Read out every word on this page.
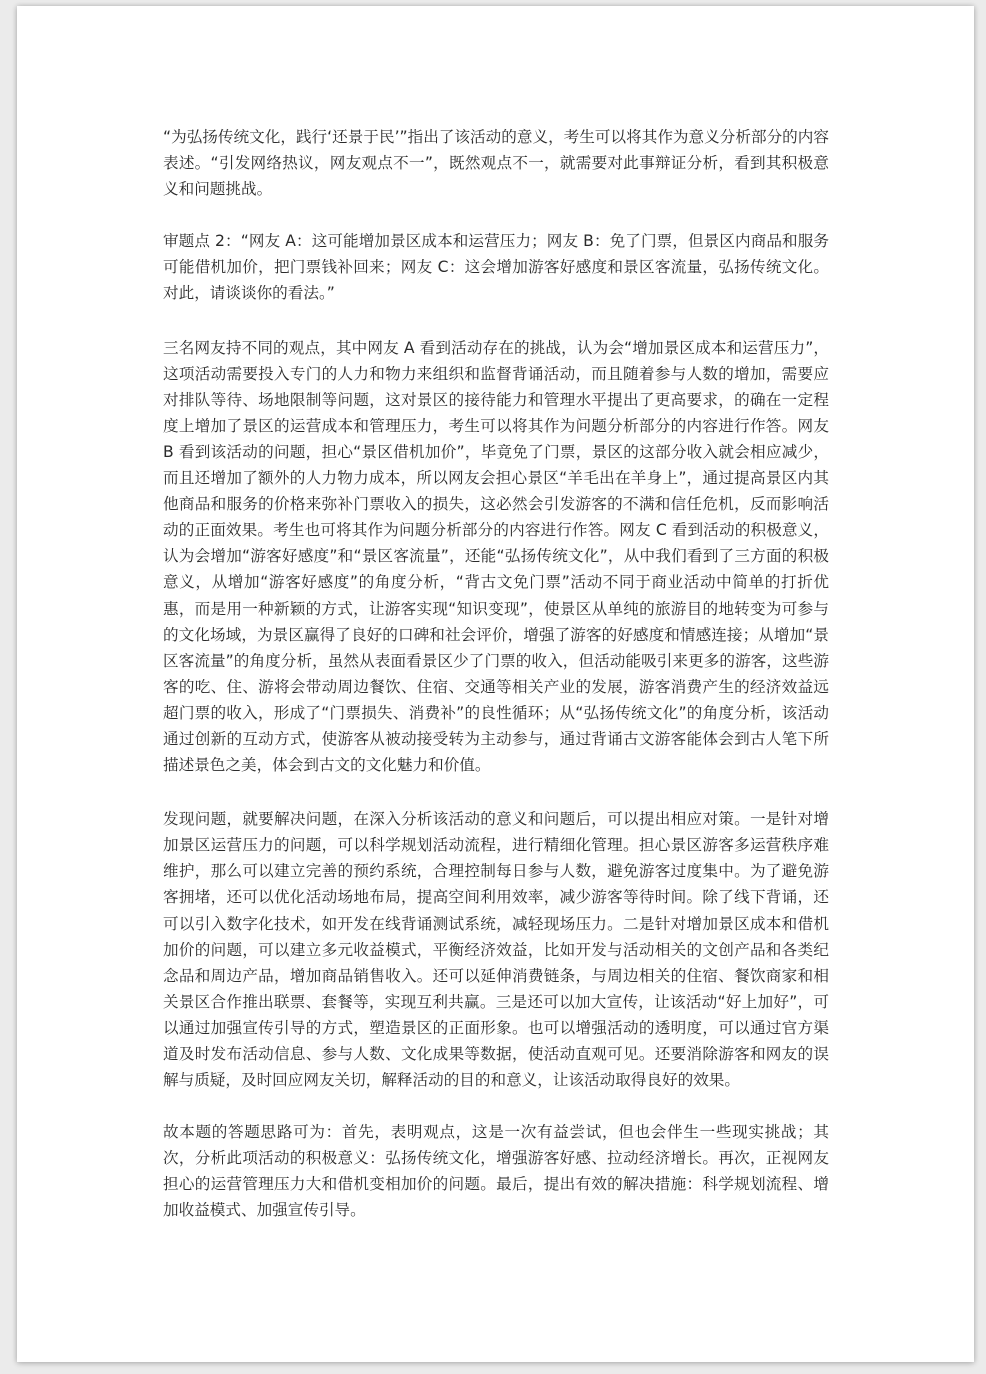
“为弘扬传统文化，践行‘还景于民’”指出了该活动的意义，考生可以将其作为意义分析部分的内容表述。“引发网络热议，网友观点不一”，既然观点不一，就需要对此事辩证分析，看到其积极意义和问题挑战。

审题点 2：“网友 A：这可能增加景区成本和运营压力；网友 B：免了门票，但景区内商品和服务可能借机加价，把门票钱补回来；网友 C：这会增加游客好感度和景区客流量，弘扬传统文化。对此，请谈谈你的看法。”

三名网友持不同的观点，其中网友 A 看到活动存在的挑战，认为会“增加景区成本和运营压力”，这项活动需要投入专门的人力和物力来组织和监督背诵活动，而且随着参与人数的增加，需要应对排队等待、场地限制等问题，这对景区的接待能力和管理水平提出了更高要求，的确在一定程度上增加了景区的运营成本和管理压力，考生可以将其作为问题分析部分的内容进行作答。网友 B 看到该活动的问题，担心“景区借机加价”，毕竟免了门票，景区的这部分收入就会相应减少，而且还增加了额外的人力物力成本，所以网友会担心景区“羊毛出在羊身上”，通过提高景区内其他商品和服务的价格来弥补门票收入的损失，这必然会引发游客的不满和信任危机，反而影响活动的正面效果。考生也可将其作为问题分析部分的内容进行作答。网友 C 看到活动的积极意义，认为会增加“游客好感度”和“景区客流量”，还能“弘扬传统文化”，从中我们看到了三方面的积极意义，从增加“游客好感度”的角度分析，“背古文免门票”活动不同于商业活动中简单的打折优惠，而是用一种新颖的方式，让游客实现“知识变现”，使景区从单纯的旅游目的地转变为可参与的文化场域，为景区赢得了良好的口碑和社会评价，增强了游客的好感度和情感连接；从增加“景区客流量”的角度分析，虽然从表面看景区少了门票的收入，但活动能吸引来更多的游客，这些游客的吃、住、游将会带动周边餐饮、住宿、交通等相关产业的发展，游客消费产生的经济效益远超门票的收入，形成了“门票损失、消费补”的良性循环；从“弘扬传统文化”的角度分析，该活动通过创新的互动方式，使游客从被动接受转为主动参与，通过背诵古文游客能体会到古人笔下所描述景色之美，体会到古文的文化魅力和价值。

发现问题，就要解决问题，在深入分析该活动的意义和问题后，可以提出相应对策。一是针对增加景区运营压力的问题，可以科学规划活动流程，进行精细化管理。担心景区游客多运营秩序难维护，那么可以建立完善的预约系统，合理控制每日参与人数，避免游客过度集中。为了避免游客拥堵，还可以优化活动场地布局，提高空间利用效率，减少游客等待时间。除了线下背诵，还可以引入数字化技术，如开发在线背诵测试系统，减轻现场压力。二是针对增加景区成本和借机加价的问题，可以建立多元收益模式，平衡经济效益，比如开发与活动相关的文创产品和各类纪念品和周边产品，增加商品销售收入。还可以延伸消费链条，与周边相关的住宿、餐饮商家和相关景区合作推出联票、套餐等，实现互利共赢。三是还可以加大宣传，让该活动“好上加好”，可以通过加强宣传引导的方式，塑造景区的正面形象。也可以增强活动的透明度，可以通过官方渠道及时发布活动信息、参与人数、文化成果等数据，使活动直观可见。还要消除游客和网友的误解与质疑，及时回应网友关切，解释活动的目的和意义，让该活动取得良好的效果。

故本题的答题思路可为：首先，表明观点，这是一次有益尝试，但也会伴生一些现实挑战；其次，分析此项活动的积极意义：弘扬传统文化，增强游客好感、拉动经济增长。再次，正视网友担心的运营管理压力大和借机变相加价的问题。最后，提出有效的解决措施：科学规划流程、增加收益模式、加强宣传引导。
